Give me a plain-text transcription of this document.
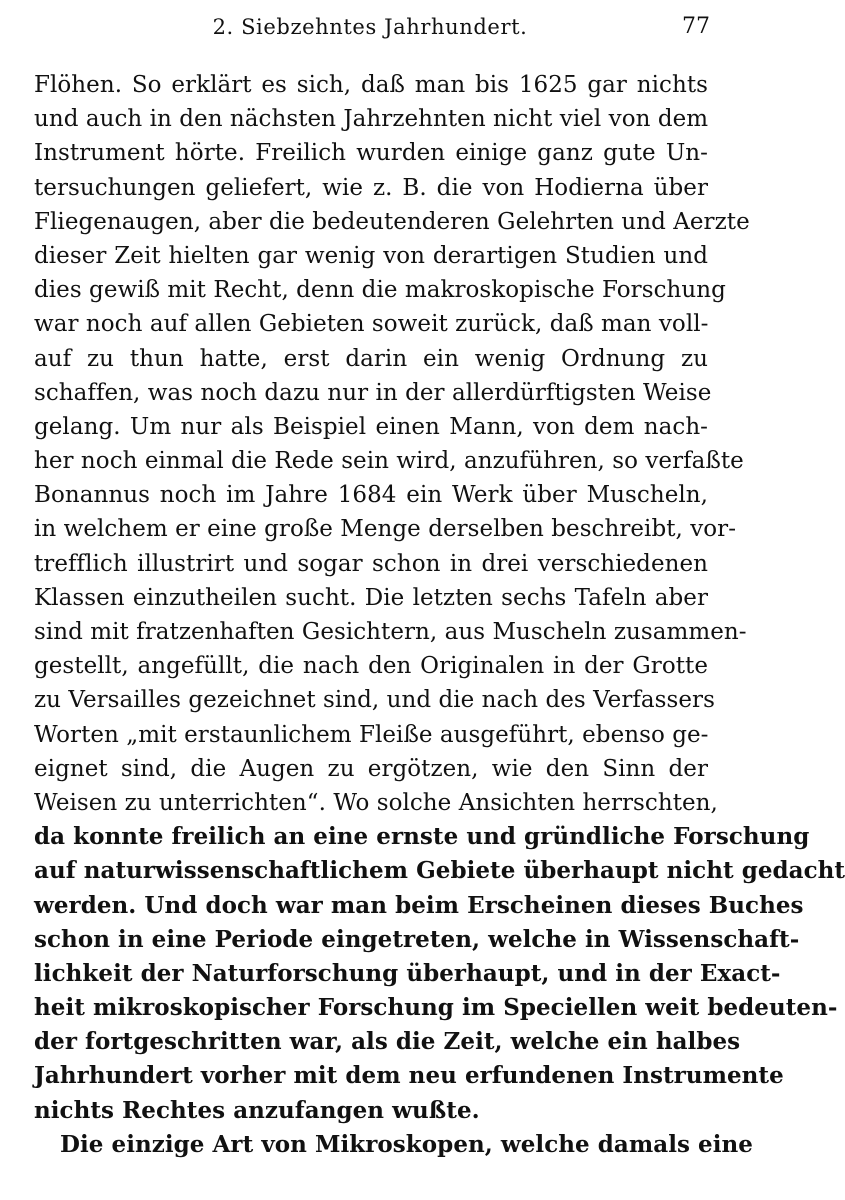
2. Siebzehntes Jahrhundert.	77
Flöhen. So erklärt es sich, daß man bis 1625 gar nichts
und auch in den nächsten Jahrzehnten nicht viel von dem
Instrument hörte. Freilich wurden einige ganz gute Un-
tersuchungen geliefert, wie z. B. die von Hodierna über
Fliegenaugen, aber die bedeutenderen Gelehrten und Aerzte
dieser Zeit hielten gar wenig von derartigen Studien und
dies gewiß mit Recht, denn die makroskopische Forschung
war noch auf allen Gebieten soweit zurück, daß man voll-
auf zu thun hatte, erst darin ein wenig Ordnung zu
schaffen, was noch dazu nur in der allerdürftigsten Weise
gelang. Um nur als Beispiel einen Mann, von dem nach-
her noch einmal die Rede sein wird, anzuführen, so verfaßte
Bonannus noch im Jahre 1684 ein Werk über Muscheln,
in welchem er eine große Menge derselben beschreibt, vor-
trefflich illustrirt und sogar schon in drei verschiedenen
Klassen einzutheilen sucht. Die letzten sechs Tafeln aber
sind mit fratzenhaften Gesichtern, aus Muscheln zusammen-
gestellt, angefüllt, die nach den Originalen in der Grotte
zu Versailles gezeichnet sind, und die nach des Verfassers
Worten „mit erstaunlichem Fleiße ausgeführt, ebenso ge-
eignet sind, die Augen zu ergötzen, wie den Sinn der
Weisen zu unterrichten“. Wo solche Ansichten herrschten,
da konnte freilich an eine ernste und gründliche Forschung
auf naturwissenschaftlichem Gebiete überhaupt nicht gedacht
werden. Und doch war man beim Erscheinen dieses Buches
schon in eine Periode eingetreten, welche in Wissenschaft-
lichkeit der Naturforschung überhaupt, und in der Exact-
heit mikroskopischer Forschung im Speciellen weit bedeuten-
der fortgeschritten war, als die Zeit, welche ein halbes
Jahrhundert vorher mit dem neu erfundenen Instrumente
nichts Rechtes anzufangen wußte.
Die einzige Art von Mikroskopen, welche damals eine
